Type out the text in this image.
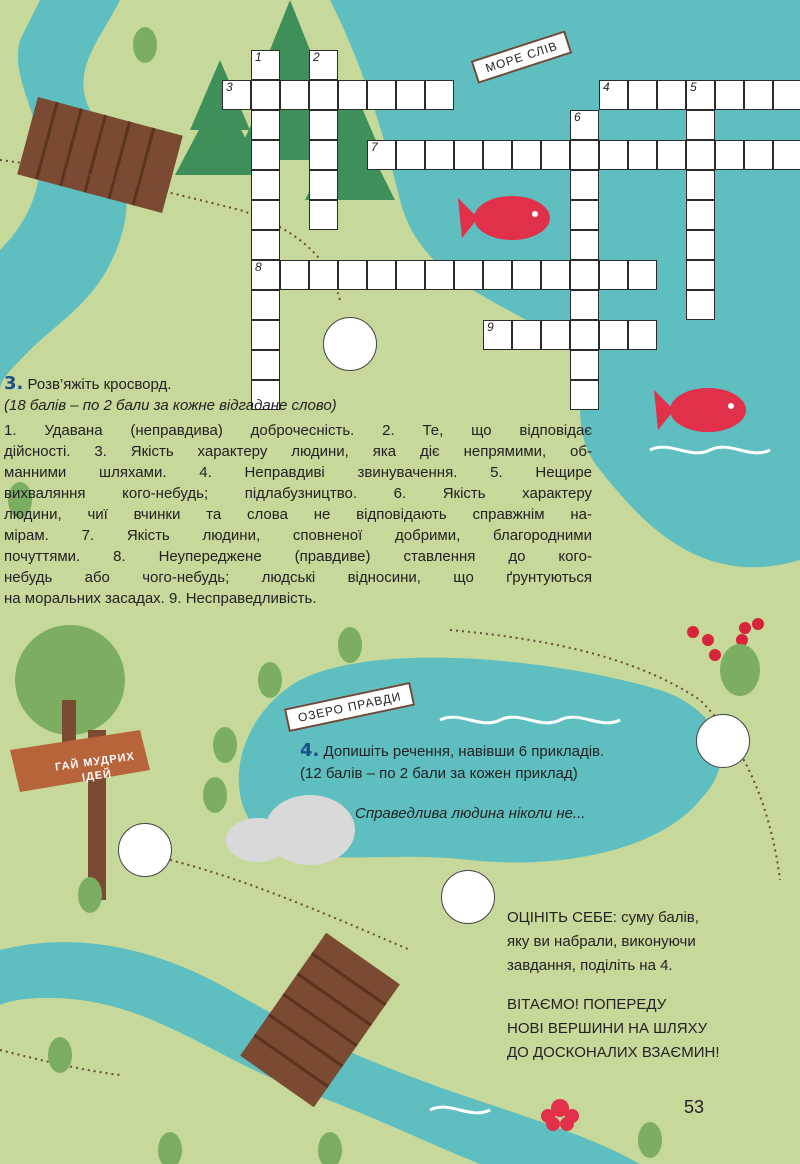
МОРЕ СЛІВ
ОЗЕРО ПРАВДИ
ГАЙ МУДРИХ ІДЕЙ
1
8
2
3	4	5
6
7
9
3. Розв’яжіть кросворд.
(18 балів – по 2 бали за кожне відгадане слово)
1. Удавана (неправдива) доброчесність. 2. Те, що відповідає
дійсності. 3. Якість характеру людини, яка діє непрямими, об-
манними шляхами. 4. Неправдиві звинувачення. 5. Нещире
вихваляння кого-небудь; підлабузництво. 6. Якість характеру
людини, чиї вчинки та слова не відповідають справжнім на-
мірам. 7. Якість людини, сповненої добрими, благородними
почуттями. 8. Неупереджене (правдиве) ставлення до кого-
небудь або чого-небудь; людські відносини, що ґрунтуються
на моральних засадах. 9. Несправедливість.
4. Допишіть речення, навівши 6 прикладів.
(12 балів – по 2 бали за кожен приклад)
Справедлива людина ніколи не...
ОЦІНІТЬ СЕБЕ: суму балів,
яку ви набрали, виконуючи
завдання, поділіть на 4.
ВІТАЄМО! ПОПЕРЕДУ
НОВІ ВЕРШИНИ НА ШЛЯХУ
ДО ДОСКОНАЛИХ ВЗАЄМИН!
53
